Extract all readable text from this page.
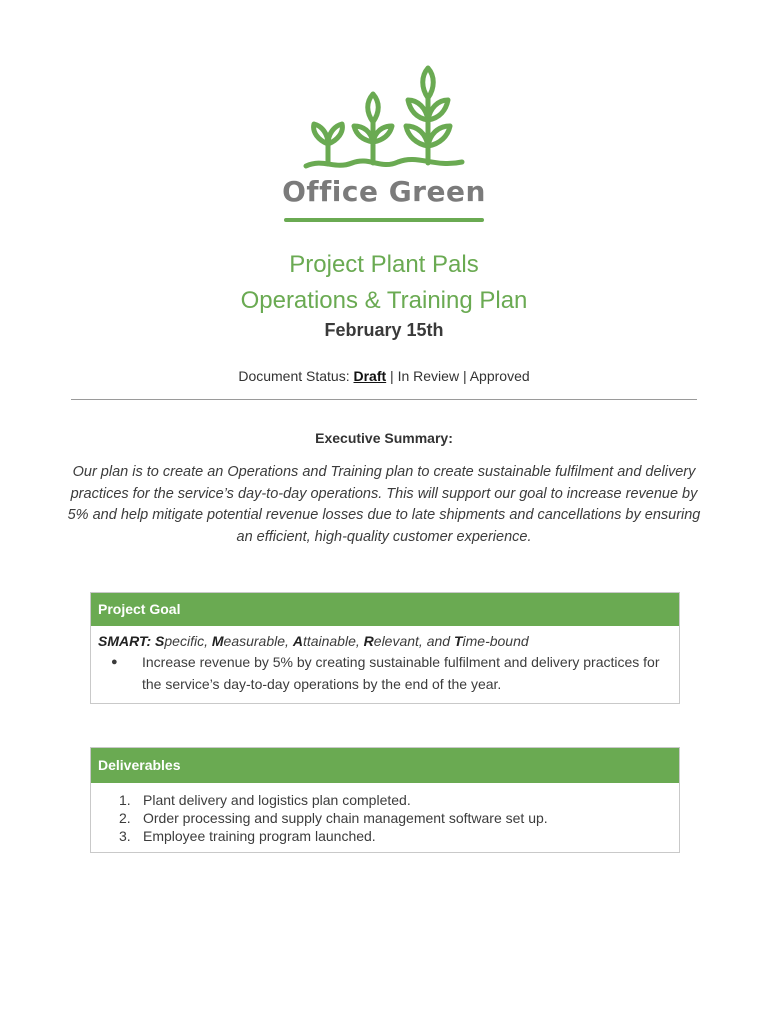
Office Green
Project Plant Pals
Operations & Training Plan
February 15th
Document Status: Draft | In Review | Approved
Executive Summary:
Our plan is to create an Operations and Training plan to create sustainable fulfilment and delivery practices for the service’s day-to-day operations. This will support our goal to increase revenue by 5% and help mitigate potential revenue losses due to late shipments and cancellations by ensuring an efficient, high-quality customer experience.
Project Goal
SMART: Specific, Measurable, Attainable, Relevant, and Time-bound
●	Increase revenue by 5% by creating sustainable fulfilment and delivery practices for the service’s day-to-day operations by the end of the year.
Deliverables
1. Plant delivery and logistics plan completed.
2. Order processing and supply chain management software set up.
3. Employee training program launched.
